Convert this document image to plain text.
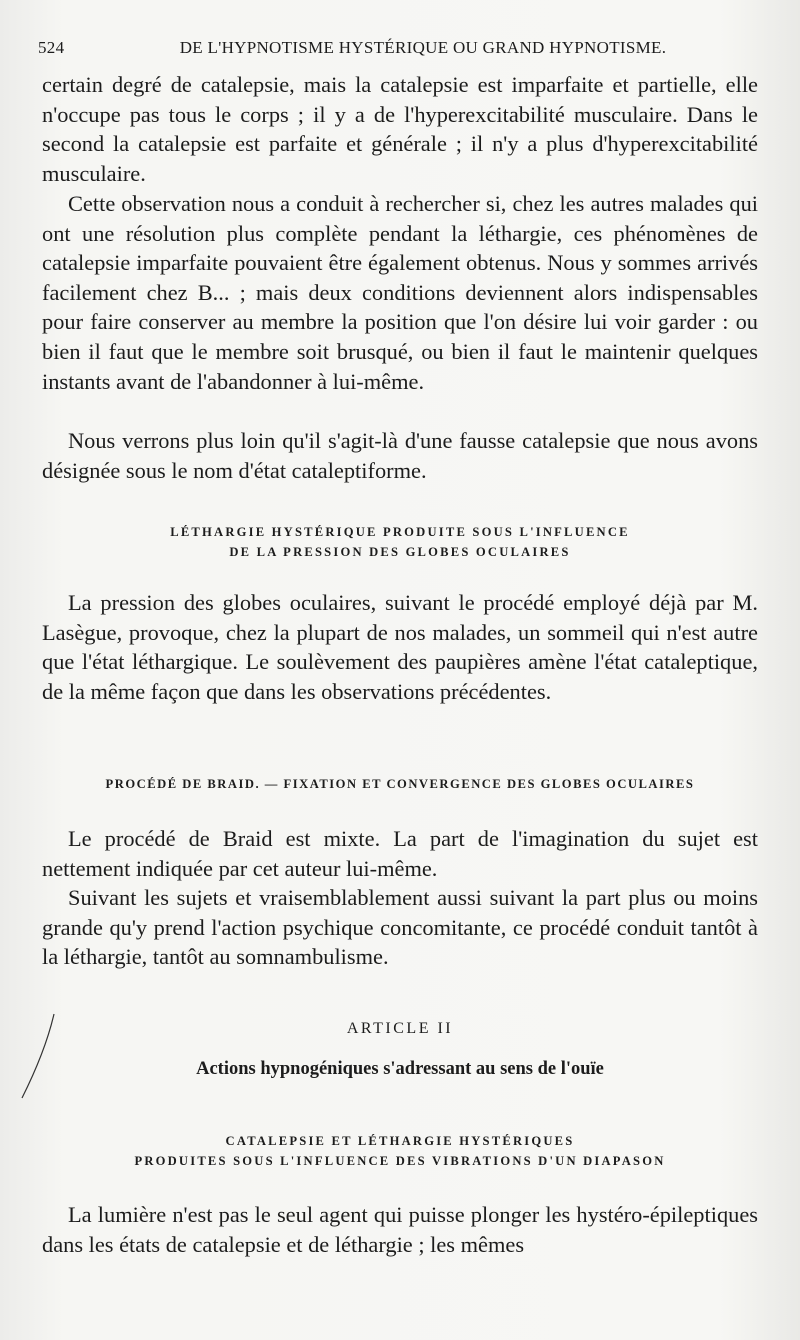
524	DE L'HYPNOTISME HYSTÉRIQUE OU GRAND HYPNOTISME.
certain degré de catalepsie, mais la catalepsie est imparfaite et partielle, elle n'occupe pas tous le corps ; il y a de l'hyperexcitabilité musculaire. Dans le second la catalepsie est parfaite et générale ; il n'y a plus d'hyperexcitabilité musculaire.
Cette observation nous a conduit à rechercher si, chez les autres malades qui ont une résolution plus complète pendant la léthargie, ces phénomènes de catalepsie imparfaite pouvaient être également obtenus. Nous y sommes arrivés facilement chez B... ; mais deux conditions deviennent alors indispensables pour faire conserver au membre la position que l'on désire lui voir garder : ou bien il faut que le membre soit brusqué, ou bien il faut le maintenir quelques instants avant de l'abandonner à lui-même.
Nous verrons plus loin qu'il s'agit-là d'une fausse catalepsie que nous avons désignée sous le nom d'état cataleptiforme.
LÉTHARGIE HYSTÉRIQUE PRODUITE SOUS L'INFLUENCE
DE LA PRESSION DES GLOBES OCULAIRES
La pression des globes oculaires, suivant le procédé employé déjà par M. Lasègue, provoque, chez la plupart de nos malades, un sommeil qui n'est autre que l'état léthargique. Le soulèvement des paupières amène l'état cataleptique, de la même façon que dans les observations précédentes.
PROCÉDÉ DE BRAID. — FIXATION ET CONVERGENCE DES GLOBES OCULAIRES
Le procédé de Braid est mixte. La part de l'imagination du sujet est nettement indiquée par cet auteur lui-même.
Suivant les sujets et vraisemblablement aussi suivant la part plus ou moins grande qu'y prend l'action psychique concomitante, ce procédé conduit tantôt à la léthargie, tantôt au somnambulisme.
ARTICLE II
Actions hypnogéniques s'adressant au sens de l'ouïe
CATALEPSIE ET LÉTHARGIE HYSTÉRIQUES
PRODUITES SOUS L'INFLUENCE DES VIBRATIONS D'UN DIAPASON
La lumière n'est pas le seul agent qui puisse plonger les hystéro-épileptiques dans les états de catalepsie et de léthargie ; les mêmes
